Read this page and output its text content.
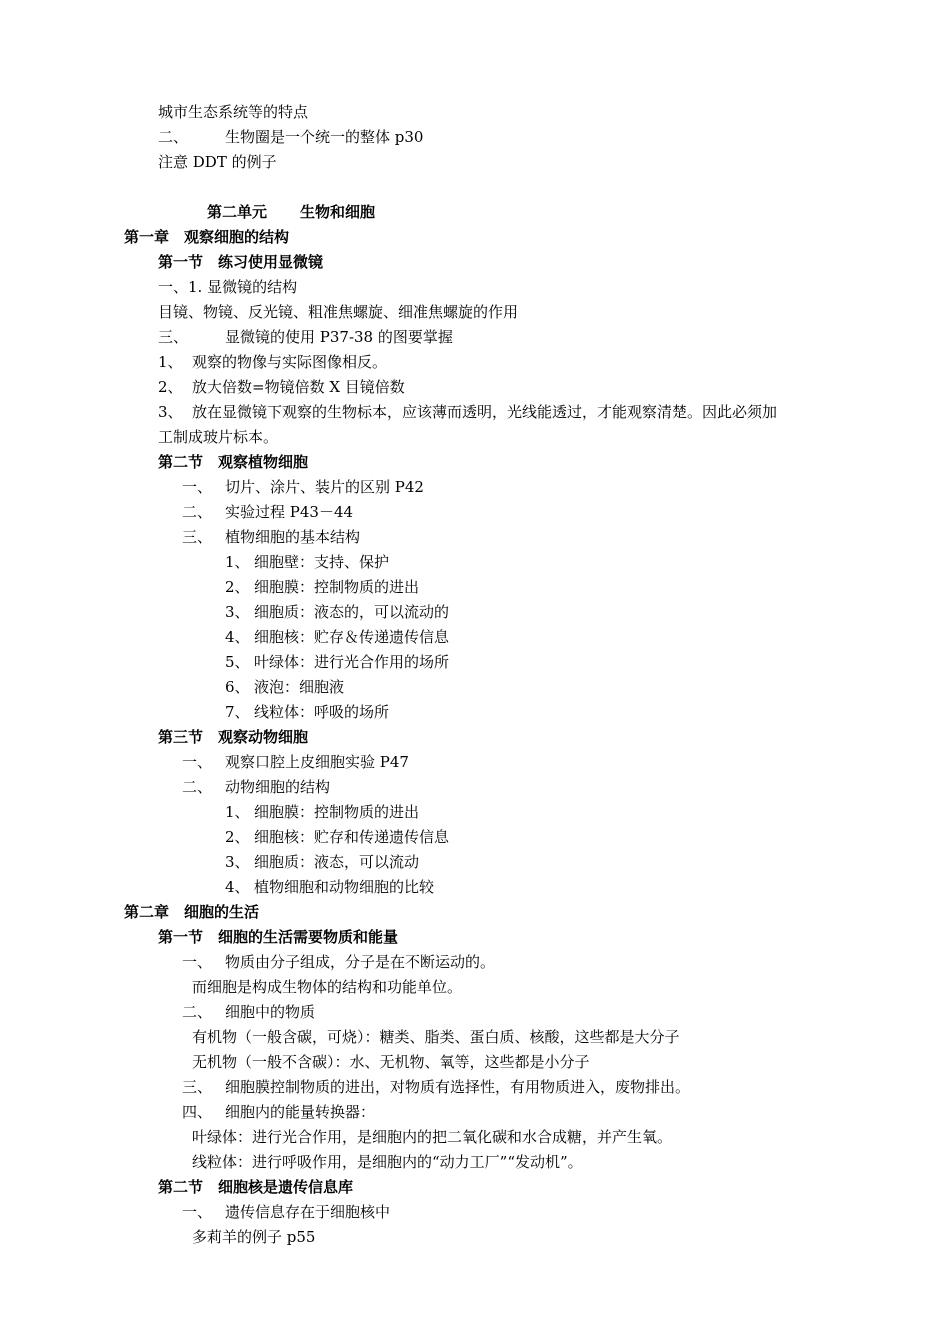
城市生态系统等的特点
二、 生物圈是一个统一的整体 p30
注意 DDT 的例子
第二单元 生物和细胞
第一章　观察细胞的结构
第一节　练习使用显微镜
一、1. 显微镜的结构
目镜、物镜、反光镜、粗准焦螺旋、细准焦螺旋的作用
三、 显微镜的使用 P37-38 的图要掌握
1、 观察的物像与实际图像相反。
2、 放大倍数=物镜倍数 X 目镜倍数
3、 放在显微镜下观察的生物标本，应该薄而透明，光线能透过，才能观察清楚。因此必须加
工制成玻片标本。
第二节　观察植物细胞
一、 切片、涂片、装片的区别 P42
二、 实验过程 P43－44
三、 植物细胞的基本结构
1、 细胞壁：支持、保护
2、 细胞膜：控制物质的进出
3、 细胞质：液态的，可以流动的
4、 细胞核：贮存＆传递遗传信息
5、 叶绿体：进行光合作用的场所
6、 液泡：细胞液
7、 线粒体：呼吸的场所
第三节　观察动物细胞
一、 观察口腔上皮细胞实验 P47
二、 动物细胞的结构
1、 细胞膜：控制物质的进出
2、 细胞核：贮存和传递遗传信息
3、 细胞质：液态，可以流动
4、 植物细胞和动物细胞的比较
第二章　细胞的生活
第一节　细胞的生活需要物质和能量
一、 物质由分子组成，分子是在不断运动的。
而细胞是构成生物体的结构和功能单位。
二、 细胞中的物质
有机物（一般含碳，可烧）：糖类、脂类、蛋白质、核酸，这些都是大分子
无机物（一般不含碳）：水、无机物、氧等，这些都是小分子
三、 细胞膜控制物质的进出，对物质有选择性，有用物质进入，废物排出。
四、 细胞内的能量转换器：
叶绿体：进行光合作用，是细胞内的把二氧化碳和水合成糖，并产生氧。
线粒体：进行呼吸作用，是细胞内的“动力工厂”“发动机”。
第二节　细胞核是遗传信息库
一、 遗传信息存在于细胞核中
多莉羊的例子 p55
